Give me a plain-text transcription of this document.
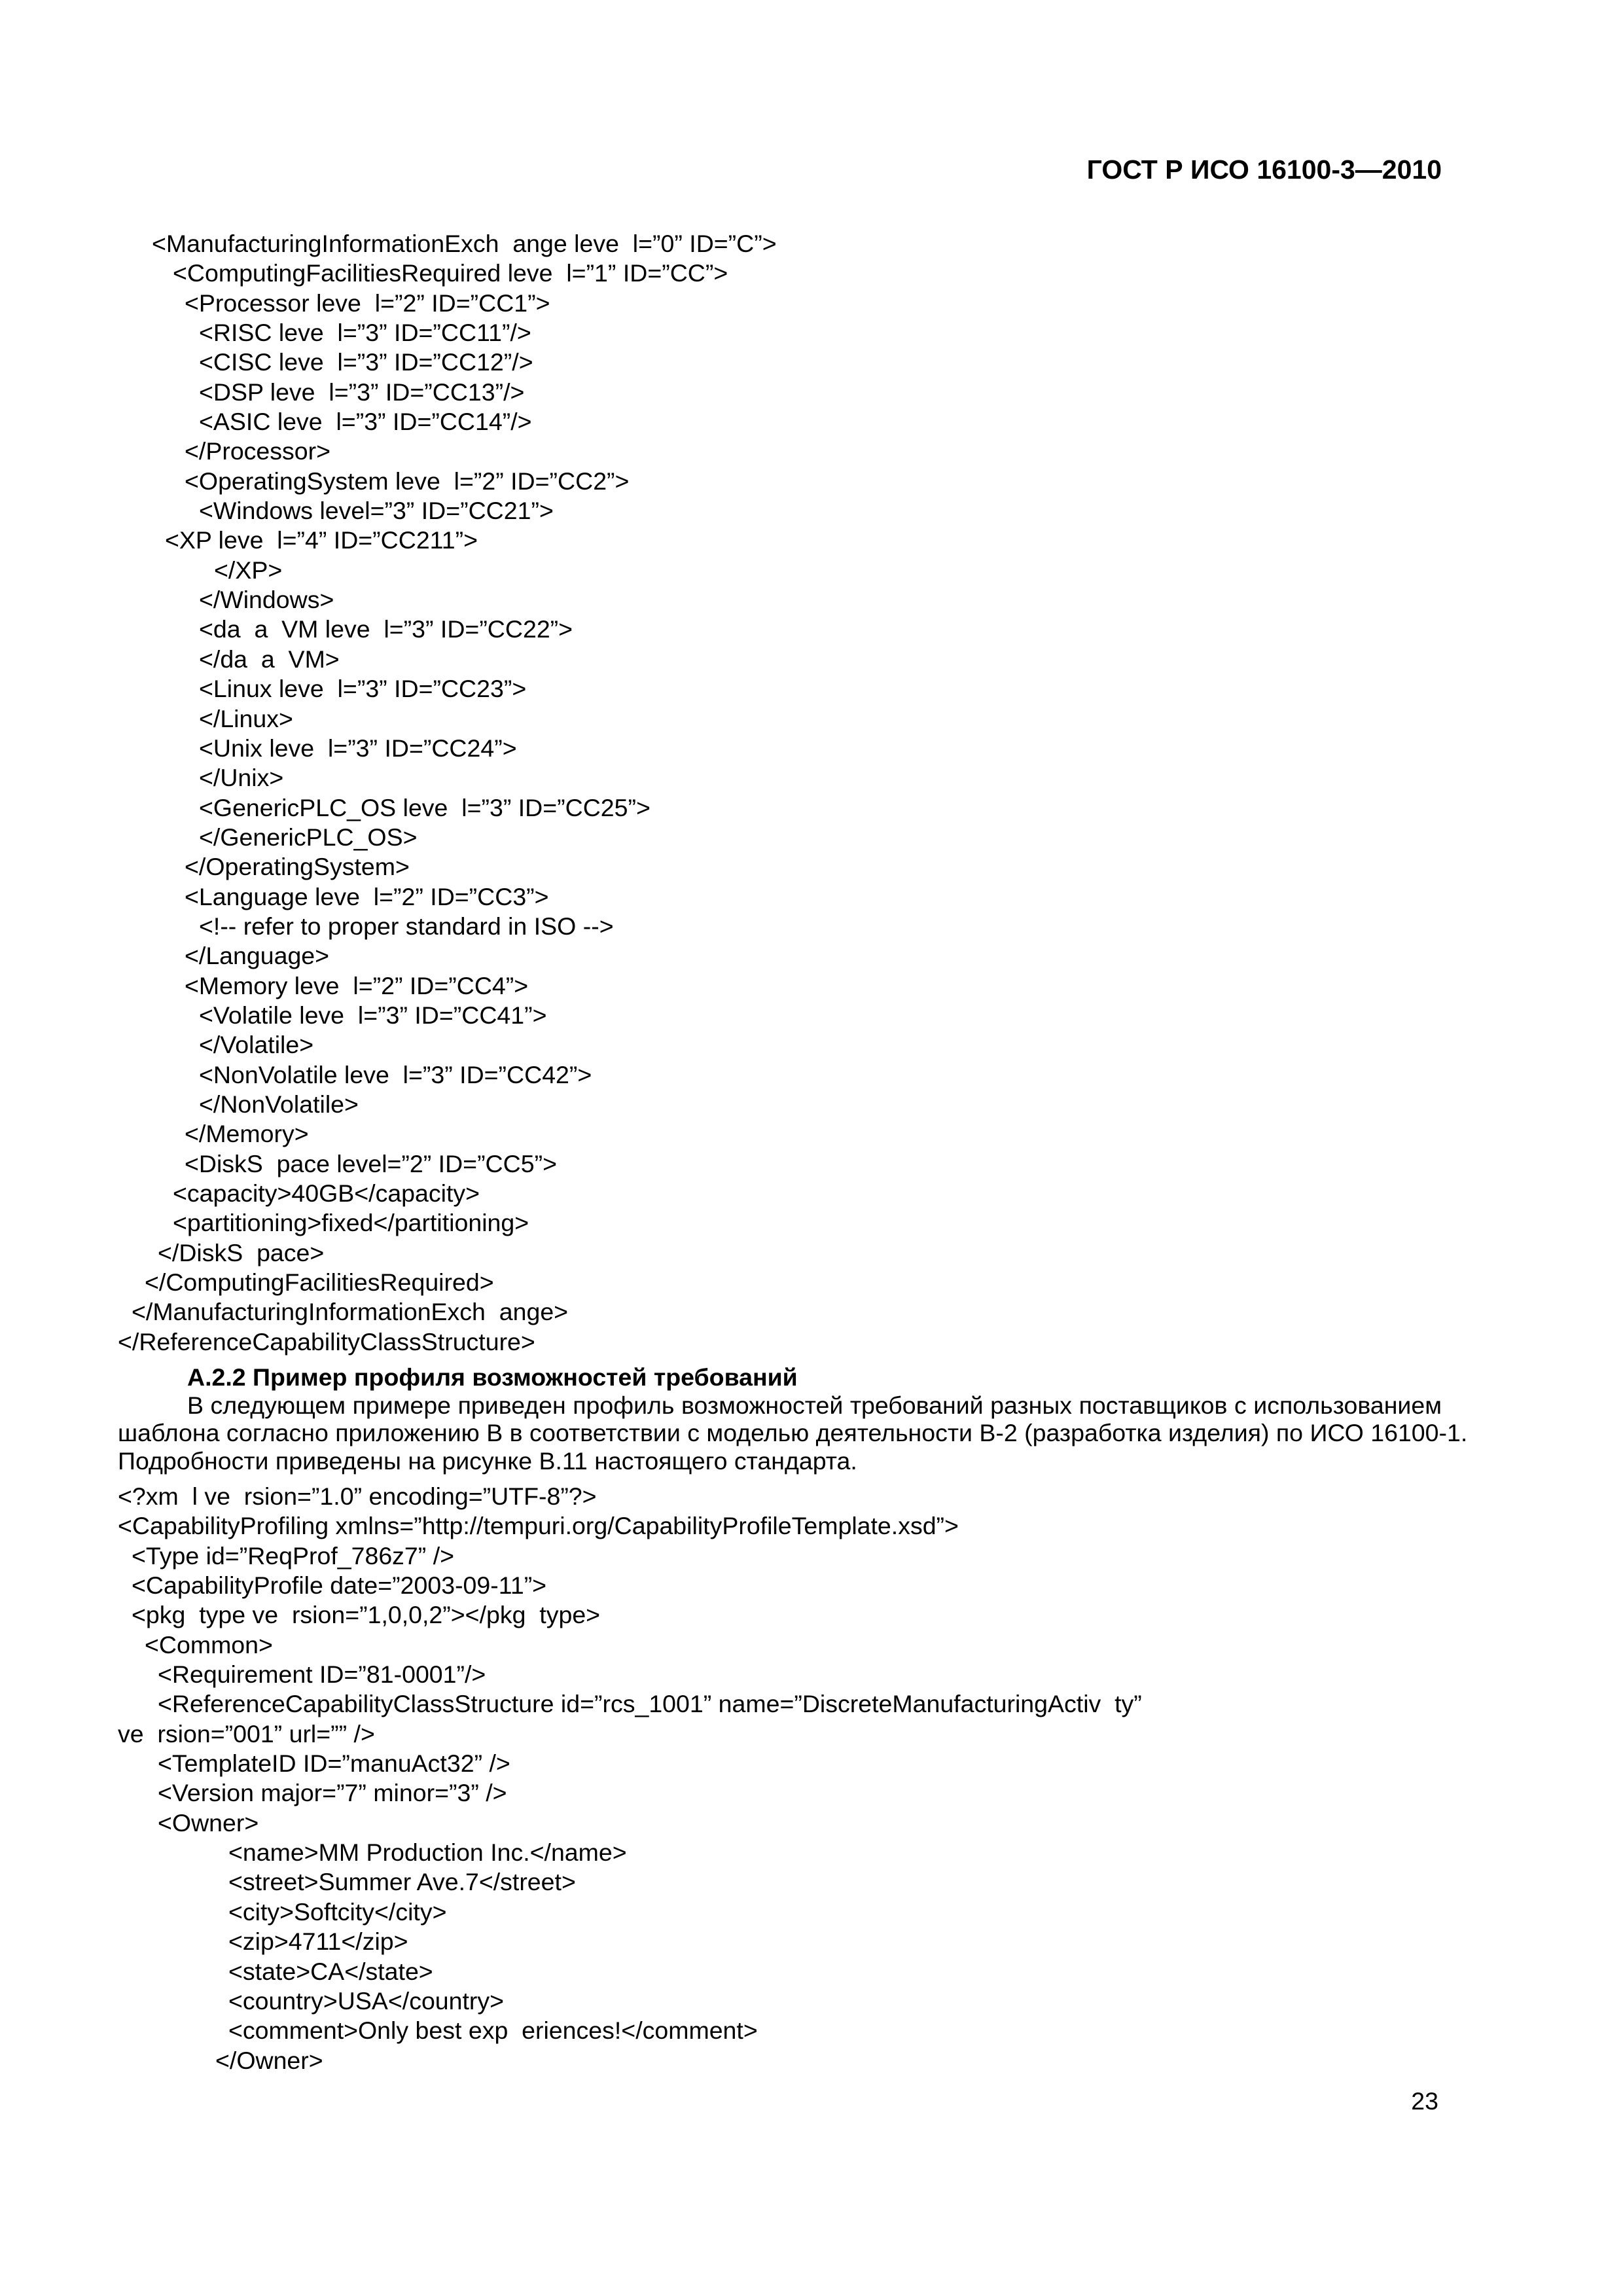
ГОСТ Р ИСО 16100-3—2010
<ManufacturingInformationExch  ange leve  l=”0” ID=”C”>
<ComputingFacilitiesRequired leve  l=”1” ID=”CC”>
<Processor leve  l=”2” ID=”CC1”>
<RISC leve  l=”3” ID=”CC11”/>
<CISC leve  l=”3” ID=”CC12”/>
<DSP leve  l=”3” ID=”CC13”/>
<ASIC leve  l=”3” ID=”CC14”/>
</Processor>
<OperatingSystem leve  l=”2” ID=”CC2”>
<Windows level=”3” ID=”CC21”>
<XP leve  l=”4” ID=”CC211”>
</XP>
</Windows>
<da  a  VM leve  l=”3” ID=”CC22”>
</da  a  VM>
<Linux leve  l=”3” ID=”CC23”>
</Linux>
<Unix leve  l=”3” ID=”CC24”>
</Unix>
<GenericPLC_OS leve  l=”3” ID=”CC25”>
</GenericPLC_OS>
</OperatingSystem>
<Language leve  l=”2” ID=”CC3”>
<!-- refer to proper standard in ISO -->
</Language>
<Memory leve  l=”2” ID=”CC4”>
<Volatile leve  l=”3” ID=”CC41”>
</Volatile>
<NonVolatile leve  l=”3” ID=”CC42”>
</NonVolatile>
</Memory>
<DiskS  pace level=”2” ID=”CC5”>
<capacity>40GB</capacity>
<partitioning>fixed</partitioning>
</DiskS  pace>
</ComputingFacilitiesRequired>
</ManufacturingInformationExch  ange>
</ReferenceCapabilityClassStructure>
А.2.2 Пример профиля возможностей требований
В следующем примере приведен профиль возможностей требований разных поставщиков с использованием
шаблона согласно приложению В в соответствии с моделью деятельности В-2 (разработка изделия) по ИСО 16100-1.
Подробности приведены на рисунке В.11 настоящего стандарта.
<?xm  l ve  rsion=”1.0” encoding=”UTF-8”?>
<CapabilityProfiling xmlns=”http://tempuri.org/CapabilityProfileTemplate.xsd”>
<Type id=”ReqProf_786z7” />
<CapabilityProfile date=”2003-09-11”>
<pkg  type ve  rsion=”1,0,0,2”></pkg  type>
<Common>
<Requirement ID=”81-0001”/>
<ReferenceCapabilityClassStructure id=”rcs_1001” name=”DiscreteManufacturingActiv  ty”
ve  rsion=”001” url=”” />
<TemplateID ID=”manuAct32” />
<Version major=”7” minor=”3” />
<Owner>
<name>MM Production Inc.</name>
<street>Summer Ave.7</street>
<city>Softcity</city>
<zip>4711</zip>
<state>CA</state>
<country>USA</country>
<comment>Only best exp  eriences!</comment>
</Owner>
23
